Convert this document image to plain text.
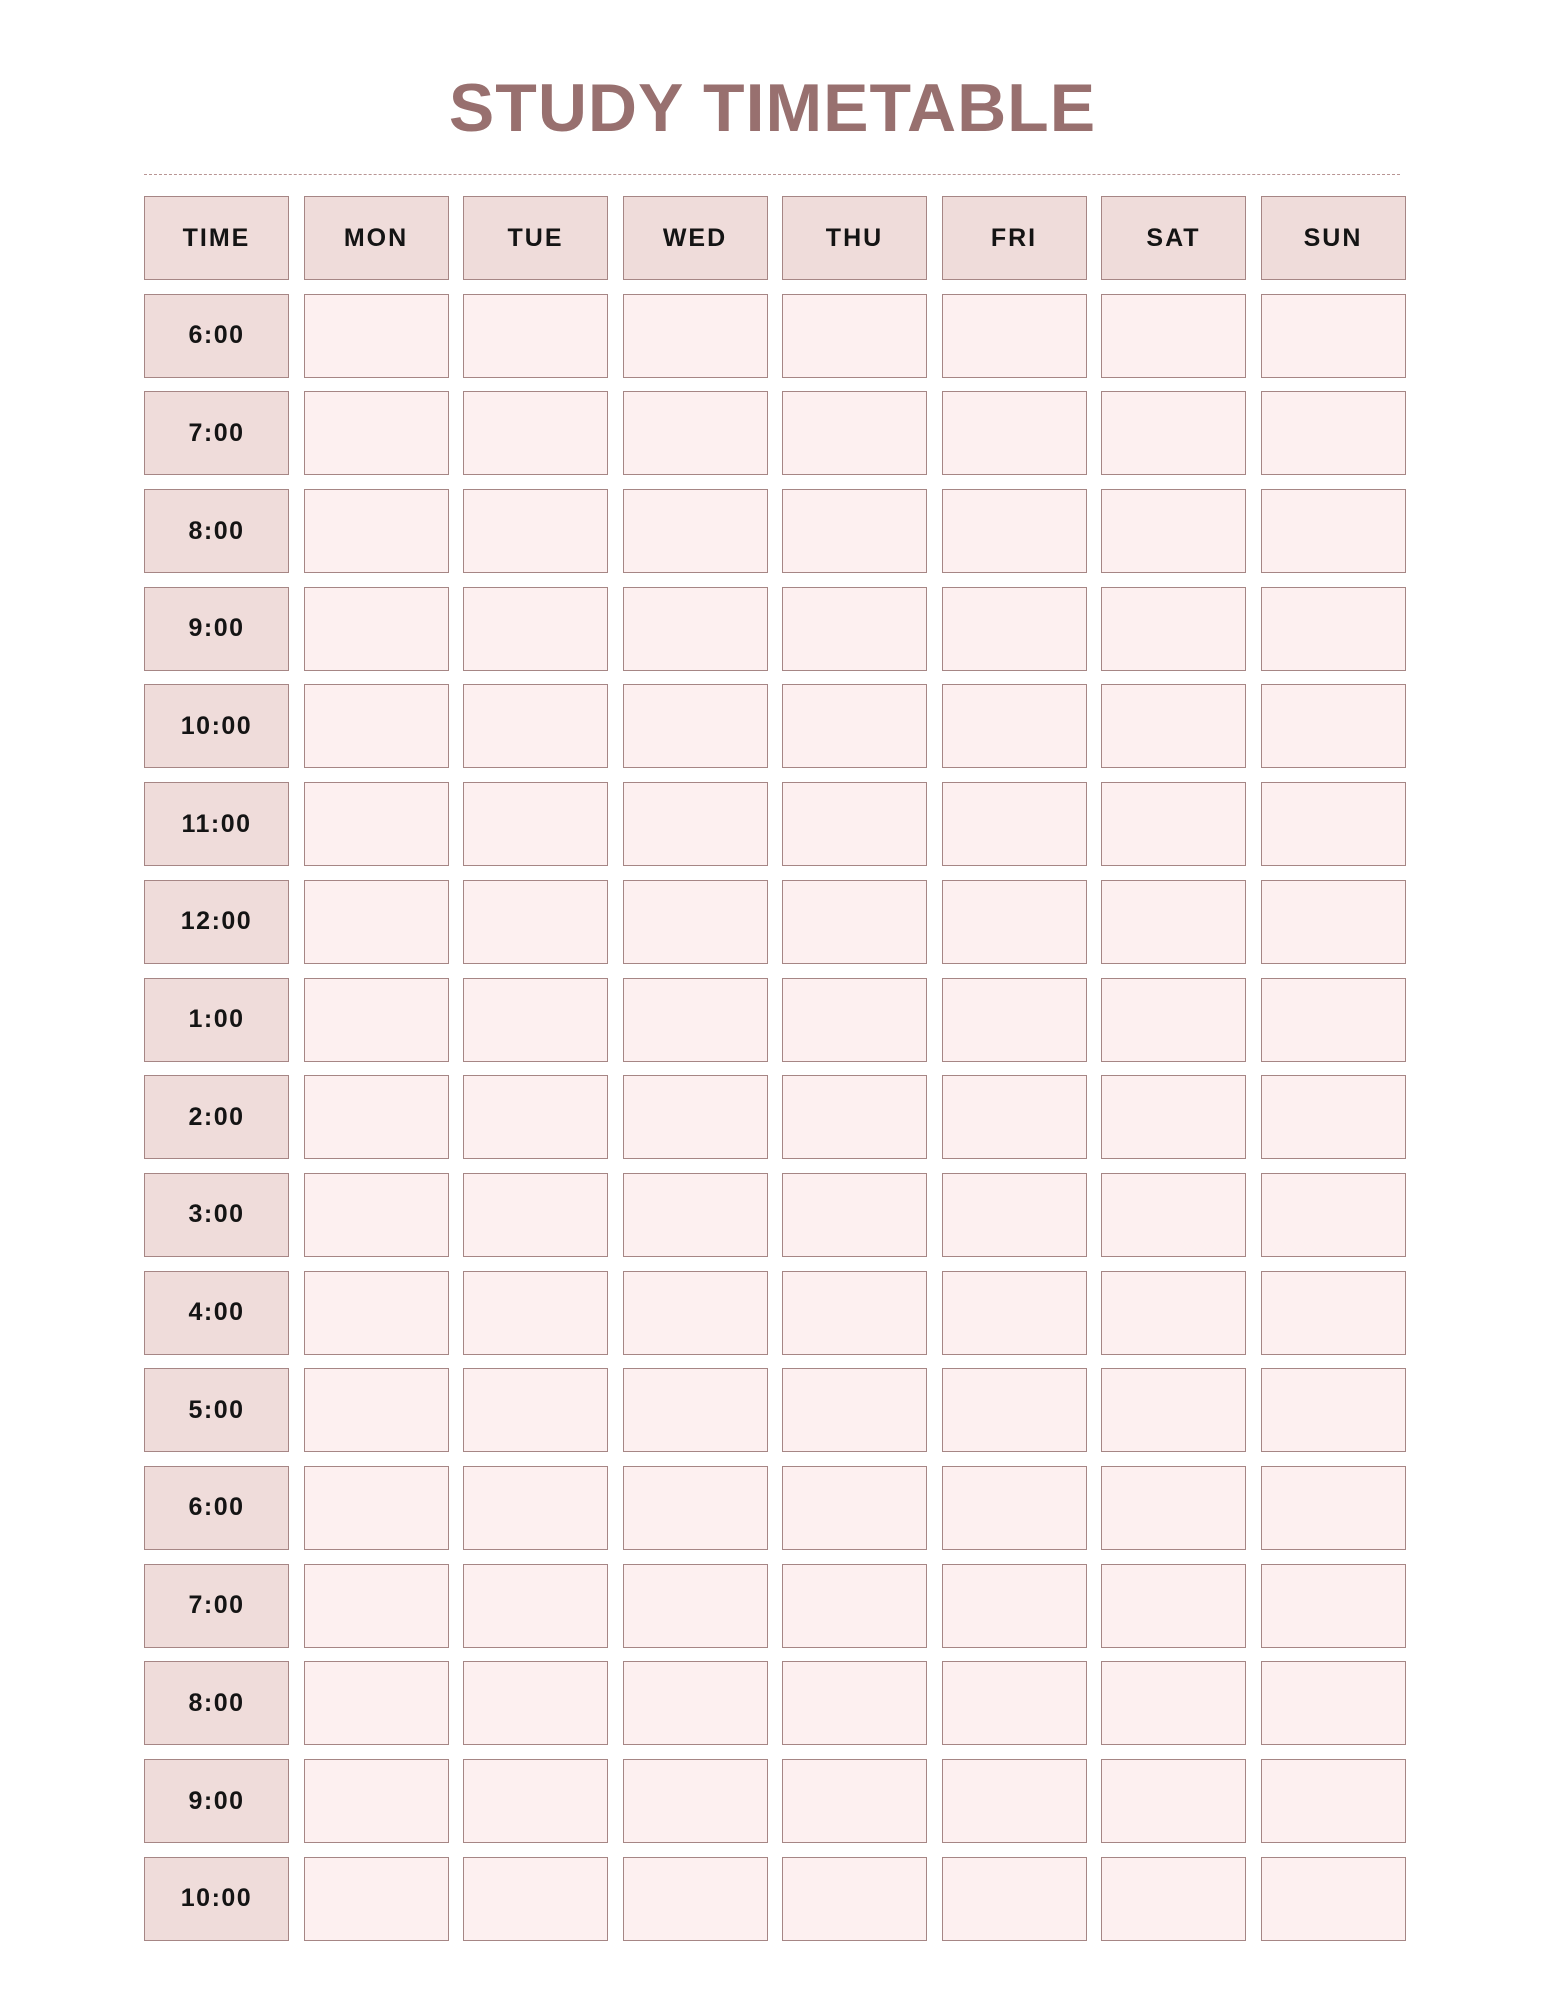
STUDY TIMETABLE
TIME	MON	TUE	WED	THU	FRI	SAT	SUN
6:00
7:00
8:00
9:00
10:00
11:00
12:00
1:00
2:00
3:00
4:00
5:00
6:00
7:00
8:00
9:00
10:00
